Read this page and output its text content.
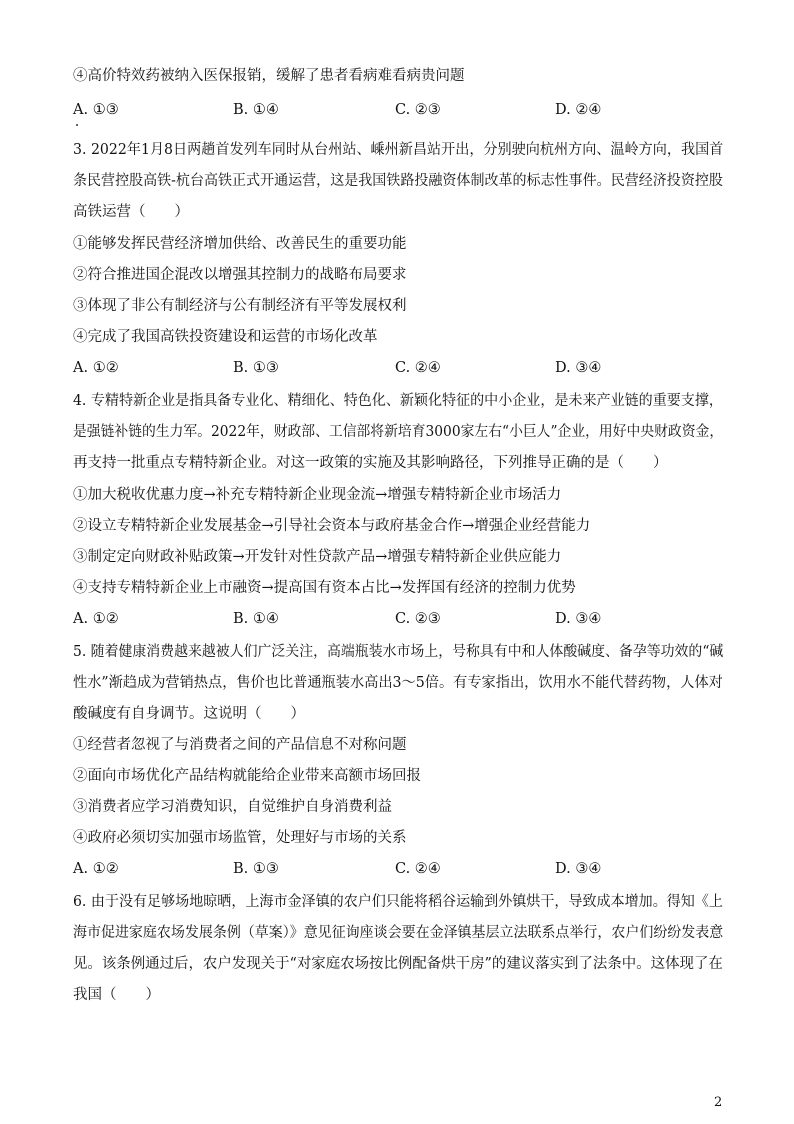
④高价特效药被纳入医保报销，缓解了患者看病难看病贵问题
A. ①③	B. ①④	C. ②③	D. ②④
3. 2022年1月8日两趟首发列车同时从台州站、嵊州新昌站开出，分别驶向杭州方向、温岭方向，我国首
条民营控股高铁-杭台高铁正式开通运营，这是我国铁路投融资体制改革的标志性事件。民营经济投资控股
高铁运营（　　）
①能够发挥民营经济增加供给、改善民生的重要功能
②符合推进国企混改以增强其控制力的战略布局要求
③体现了非公有制经济与公有制经济有平等发展权利
④完成了我国高铁投资建设和运营的市场化改革
A. ①②	B. ①③	C. ②④	D. ③④
4. 专精特新企业是指具备专业化、精细化、特色化、新颖化特征的中小企业，是未来产业链的重要支撑，
是强链补链的生力军。2022年，财政部、工信部将新培育3000家左右“小巨人”企业，用好中央财政资金，
再支持一批重点专精特新企业。对这一政策的实施及其影响路径，下列推导正确的是（　　）
①加大税收优惠力度→补充专精特新企业现金流→增强专精特新企业市场活力
②设立专精特新企业发展基金→引导社会资本与政府基金合作→增强企业经营能力
③制定定向财政补贴政策→开发针对性贷款产品→增强专精特新企业供应能力
④支持专精特新企业上市融资→提高国有资本占比→发挥国有经济的控制力优势
A. ①②	B. ①④	C. ②③	D. ③④
5. 随着健康消费越来越被人们广泛关注，高端瓶装水市场上，号称具有中和人体酸碱度、备孕等功效的“碱
性水”渐趋成为营销热点，售价也比普通瓶装水高出3～5倍。有专家指出，饮用水不能代替药物，人体对
酸碱度有自身调节。这说明（　　）
①经营者忽视了与消费者之间的产品信息不对称问题
②面向市场优化产品结构就能给企业带来高额市场回报
③消费者应学习消费知识，自觉维护自身消费利益
④政府必须切实加强市场监管，处理好与市场的关系
A. ①②	B. ①③	C. ②④	D. ③④
6. 由于没有足够场地晾晒，上海市金泽镇的农户们只能将稻谷运输到外镇烘干，导致成本增加。得知《上
海市促进家庭农场发展条例（草案）》意见征询座谈会要在金泽镇基层立法联系点举行，农户们纷纷发表意
见。该条例通过后，农户发现关于“对家庭农场按比例配备烘干房”的建议落实到了法条中。这体现了在
我国（　　）
2
